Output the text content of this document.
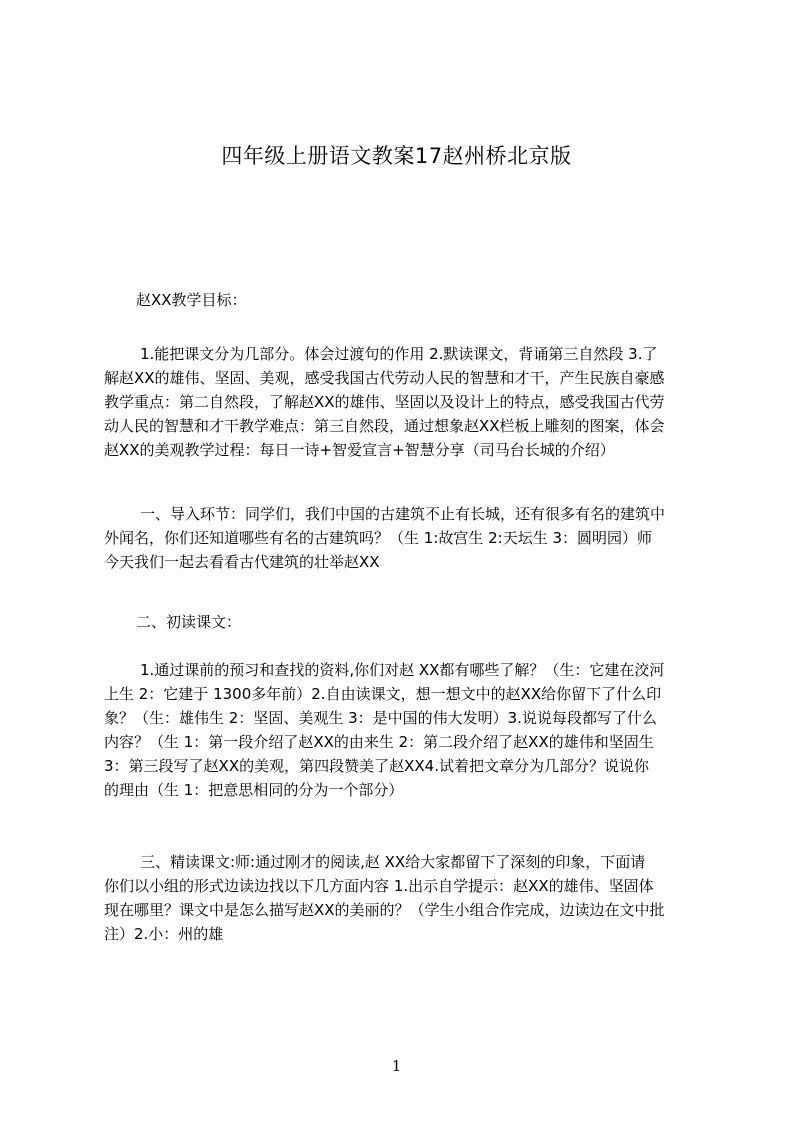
四年级上册语文教案17赵州桥北京版
赵XX教学目标：
1.能把课文分为几部分。体会过渡句的作用 2.默读课文，背诵第三自然段 3.了
解赵XX的雄伟、坚固、美观，感受我国古代劳动人民的智慧和才干，产生民族自豪感
教学重点：第二自然段，了解赵XX的雄伟、坚固以及设计上的特点，感受我国古代劳
动人民的智慧和才干教学难点：第三自然段，通过想象赵XX栏板上雕刻的图案，体会
赵XX的美观教学过程：每日一诗+智爱宣言+智慧分享（司马台长城的介绍）
一、导入环节：同学们，我们中国的古建筑不止有长城，还有很多有名的建筑中
外闻名，你们还知道哪些有名的古建筑吗？（生 1:故宫生 2:天坛生 3：圆明园）师
今天我们一起去看看古代建筑的壮举赵XX
二、初读课文：
1.通过课前的预习和查找的资料,你们对赵 XX都有哪些了解？（生：它建在洨河
上生 2：它建于 1300多年前）2.自由读课文，想一想文中的赵XX给你留下了什么印
象？（生：雄伟生 2：坚固、美观生 3：是中国的伟大发明）3.说说每段都写了什么
内容？（生 1：第一段介绍了赵XX的由来生 2：第二段介绍了赵XX的雄伟和坚固生
3：第三段写了赵XX的美观，第四段赞美了赵XX4.试着把文章分为几部分？说说你
的理由（生 1：把意思相同的分为一个部分）
三、精读课文:师:通过刚才的阅读,赵 XX给大家都留下了深刻的印象，下面请
你们以小组的形式边读边找以下几方面内容 1.出示自学提示：赵XX的雄伟、坚固体
现在哪里？课文中是怎么描写赵XX的美丽的？（学生小组合作完成，边读边在文中批
注）2.小：州的雄
1
